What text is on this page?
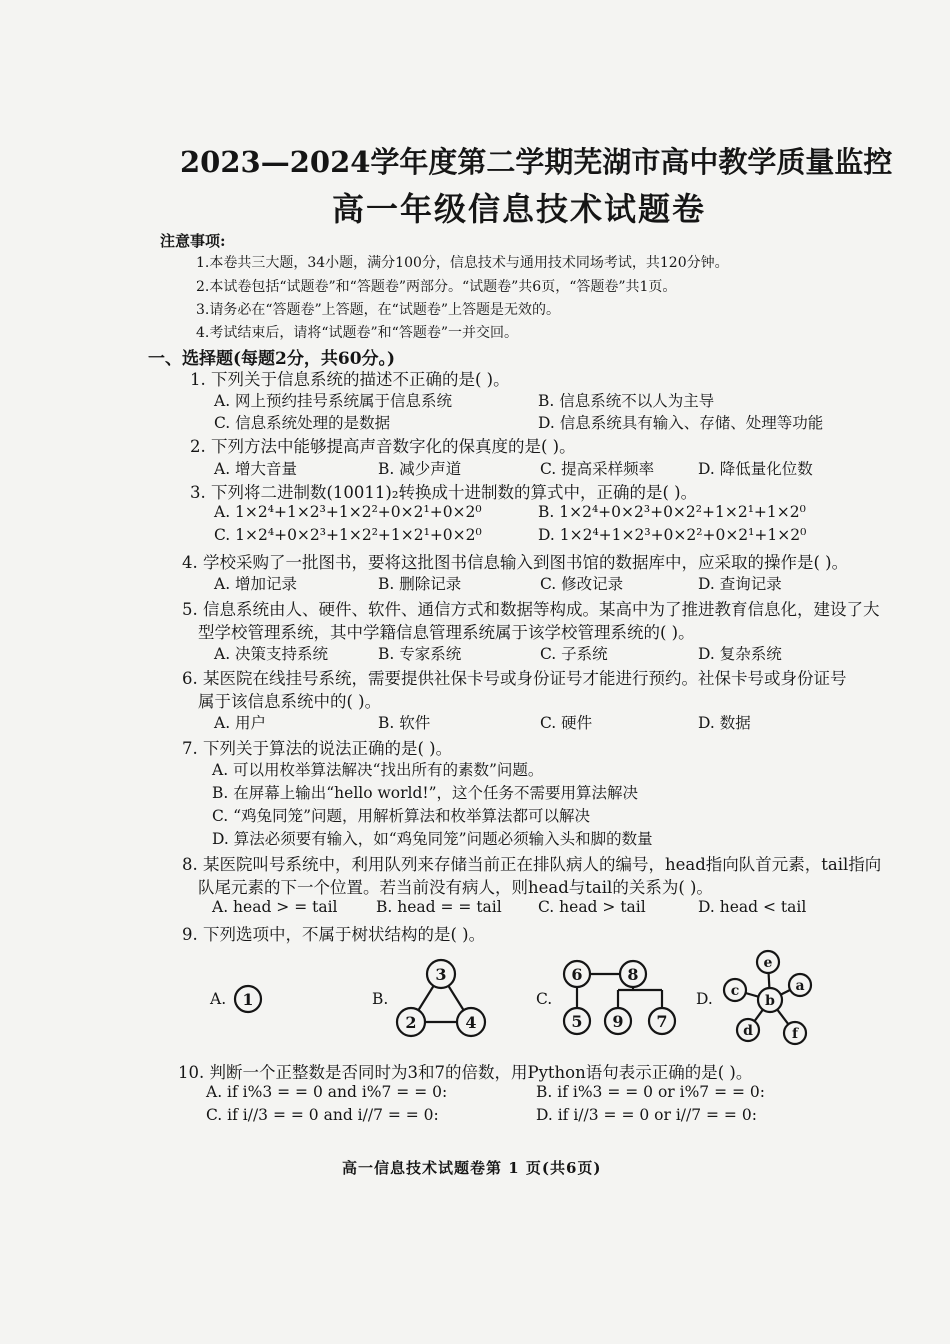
2023—2024学年度第二学期芜湖市高中教学质量监控
高一年级信息技术试题卷
注意事项:
1.本卷共三大题，34小题，满分100分，信息技术与通用技术同场考试，共120分钟。
2.本试卷包括“试题卷”和“答题卷”两部分。“试题卷”共6页，“答题卷”共1页。
3.请务必在“答题卷”上答题，在“试题卷”上答题是无效的。
4.考试结束后，请将“试题卷”和“答题卷”一并交回。
一、选择题(每题2分，共60分。)
1. 下列关于信息系统的描述不正确的是( )。
A. 网上预约挂号系统属于信息系统	B. 信息系统不以人为主导
C. 信息系统处理的是数据	D. 信息系统具有输入、存储、处理等功能
2. 下列方法中能够提高声音数字化的保真度的是( )。
A. 增大音量	B. 减少声道	C. 提高采样频率	D. 降低量化位数
3. 下列将二进制数(10011)₂转换成十进制数的算式中，正确的是( )。
A. 1×2⁴+1×2³+1×2²+0×2¹+0×2⁰	B. 1×2⁴+0×2³+0×2²+1×2¹+1×2⁰
C. 1×2⁴+0×2³+1×2²+1×2¹+0×2⁰	D. 1×2⁴+1×2³+0×2²+0×2¹+1×2⁰
4. 学校采购了一批图书，要将这批图书信息输入到图书馆的数据库中，应采取的操作是( )。
A. 增加记录	B. 删除记录	C. 修改记录	D. 查询记录
5. 信息系统由人、硬件、软件、通信方式和数据等构成。某高中为了推进教育信息化，建设了大
型学校管理系统，其中学籍信息管理系统属于该学校管理系统的( )。
A. 决策支持系统	B. 专家系统	C. 子系统	D. 复杂系统
6. 某医院在线挂号系统，需要提供社保卡号或身份证号才能进行预约。社保卡号或身份证号
属于该信息系统中的( )。
A. 用户	B. 软件	C. 硬件	D. 数据
7. 下列关于算法的说法正确的是( )。
A. 可以用枚举算法解决“找出所有的素数”问题。
B. 在屏幕上输出“hello world!”，这个任务不需要用算法解决
C. “鸡兔同笼”问题，用解析算法和枚举算法都可以解决
D. 算法必须要有输入，如“鸡兔同笼”问题必须输入头和脚的数量
8. 某医院叫号系统中，利用队列来存储当前正在排队病人的编号，head指向队首元素，tail指向
队尾元素的下一个位置。若当前没有病人，则head与tail的关系为( )。
A. head > = tail B. head = = tail C. head > tail	D. head < tail
9. 下列选项中，不属于树状结构的是( )。
A.	B.	C.	D.
1
3
2	4
6	8
5 9 7
e
a
c
b
d	f
10. 判断一个正整数是否同时为3和7的倍数，用Python语句表示正确的是( )。
A. if i%3 = = 0 and i%7 = = 0:	B. if i%3 = = 0 or i%7 = = 0:
C. if i//3 = = 0 and i//7 = = 0:	D. if i//3 = = 0 or i//7 = = 0:
高一信息技术试题卷第 1 页(共6页)
